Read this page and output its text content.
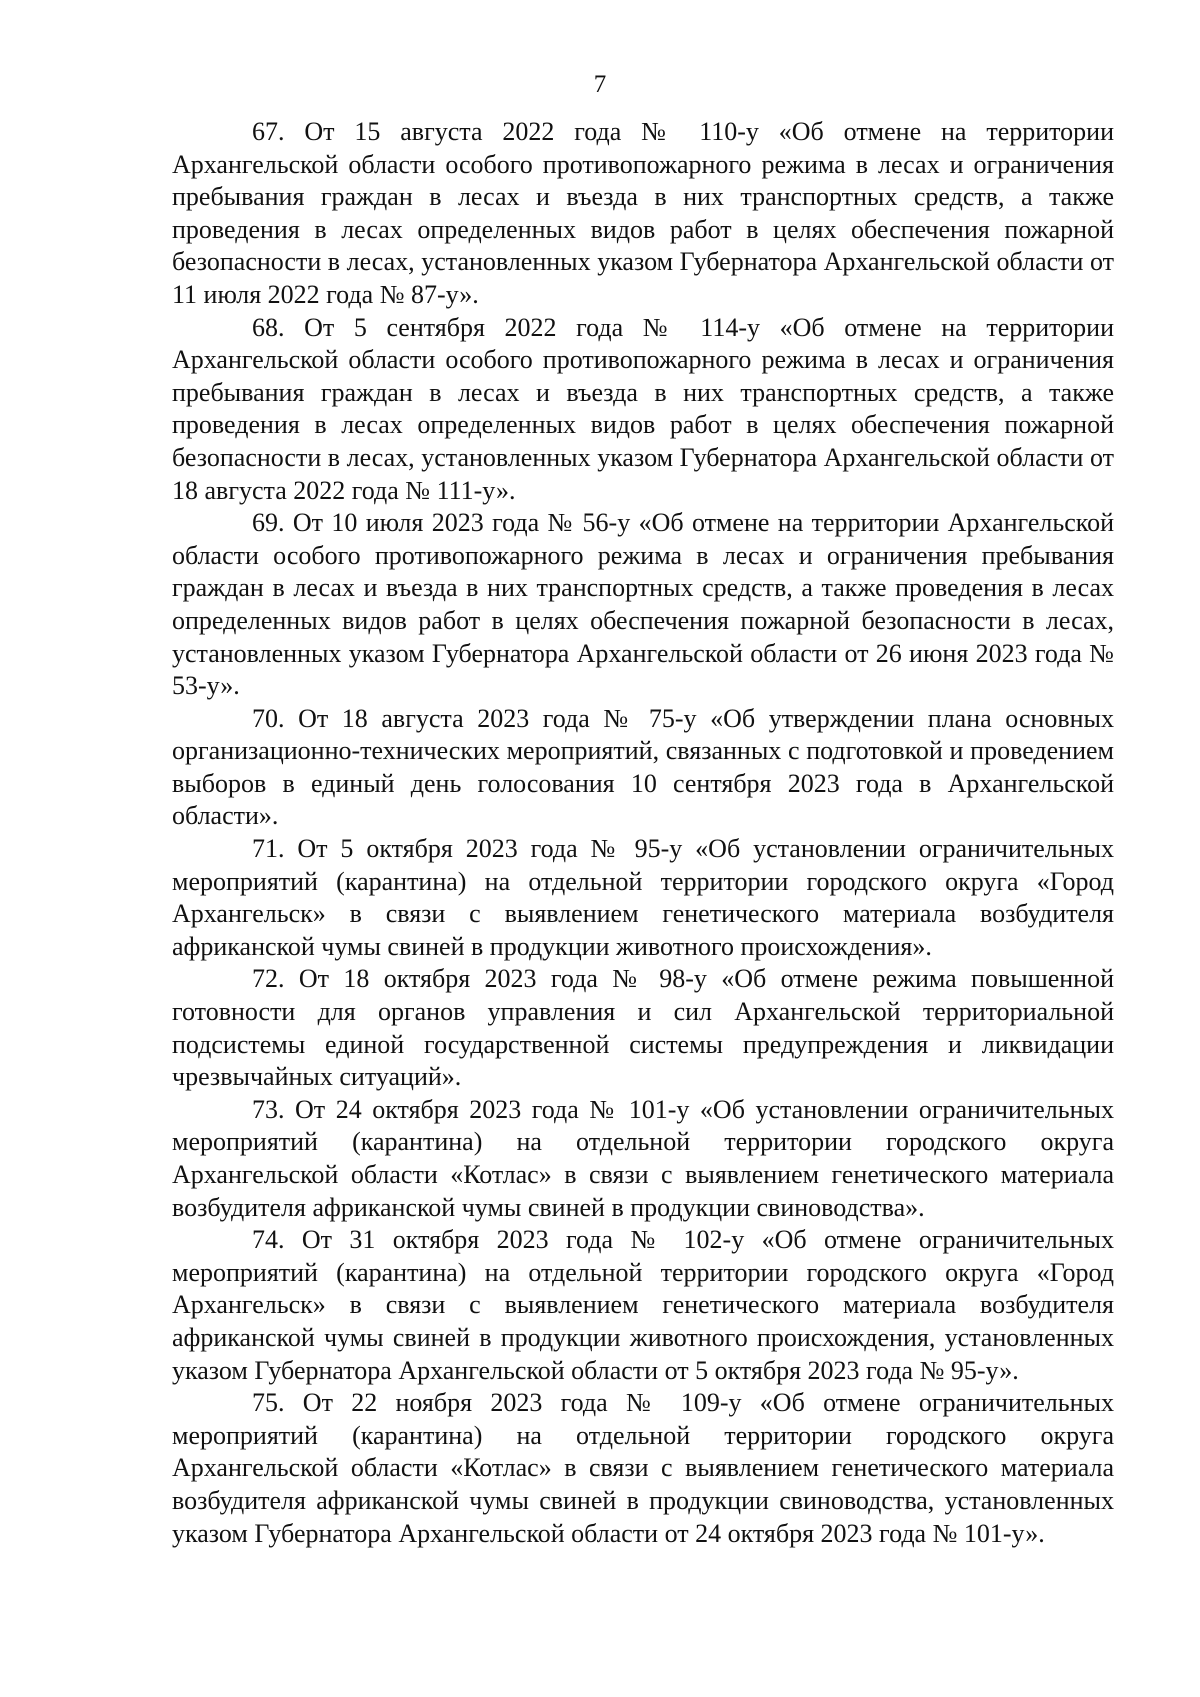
7

67. От 15 августа 2022 года № 110-у «Об отмене на территории Архангельской области особого противопожарного режима в лесах и ограничения пребывания граждан в лесах и въезда в них транспортных средств, а также проведения в лесах определенных видов работ в целях обеспечения пожарной безопасности в лесах, установленных указом Губернатора Архангельской области от 11 июля 2022 года № 87-у».

68. От 5 сентября 2022 года № 114-у «Об отмене на территории Архангельской области особого противопожарного режима в лесах и ограничения пребывания граждан в лесах и въезда в них транспортных средств, а также проведения в лесах определенных видов работ в целях обеспечения пожарной безопасности в лесах, установленных указом Губернатора Архангельской области от 18 августа 2022 года № 111-у».

69. От 10 июля 2023 года № 56-у «Об отмене на территории Архангельской области особого противопожарного режима в лесах и ограничения пребывания граждан в лесах и въезда в них транспортных средств, а также проведения в лесах определенных видов работ в целях обеспечения пожарной безопасности в лесах, установленных указом Губернатора Архангельской области от 26 июня 2023 года № 53-у».

70. От 18 августа 2023 года № 75-у «Об утверждении плана основных организационно-технических мероприятий, связанных с подготовкой и проведением выборов в единый день голосования 10 сентября 2023 года в Архангельской области».

71. От 5 октября 2023 года № 95-у «Об установлении ограничительных мероприятий (карантина) на отдельной территории городского округа «Город Архангельск» в связи с выявлением генетического материала возбудителя африканской чумы свиней в продукции животного происхождения».

72. От 18 октября 2023 года № 98-у «Об отмене режима повышенной готовности для органов управления и сил Архангельской территориальной подсистемы единой государственной системы предупреждения и ликвидации чрезвычайных ситуаций».

73. От 24 октября 2023 года № 101-у «Об установлении ограничительных мероприятий (карантина) на отдельной территории городского округа Архангельской области «Котлас» в связи с выявлением генетического материала возбудителя африканской чумы свиней в продукции свиноводства».

74. От 31 октября 2023 года № 102-у «Об отмене ограничительных мероприятий (карантина) на отдельной территории городского округа «Город Архангельск» в связи с выявлением генетического материала возбудителя африканской чумы свиней в продукции животного происхождения, установленных указом Губернатора Архангельской области от 5 октября 2023 года № 95-у».

75. От 22 ноября 2023 года № 109-у «Об отмене ограничительных мероприятий (карантина) на отдельной территории городского округа Архангельской области «Котлас» в связи с выявлением генетического материала возбудителя африканской чумы свиней в продукции свиноводства, установленных указом Губернатора Архангельской области от 24 октября 2023 года № 101-у».
